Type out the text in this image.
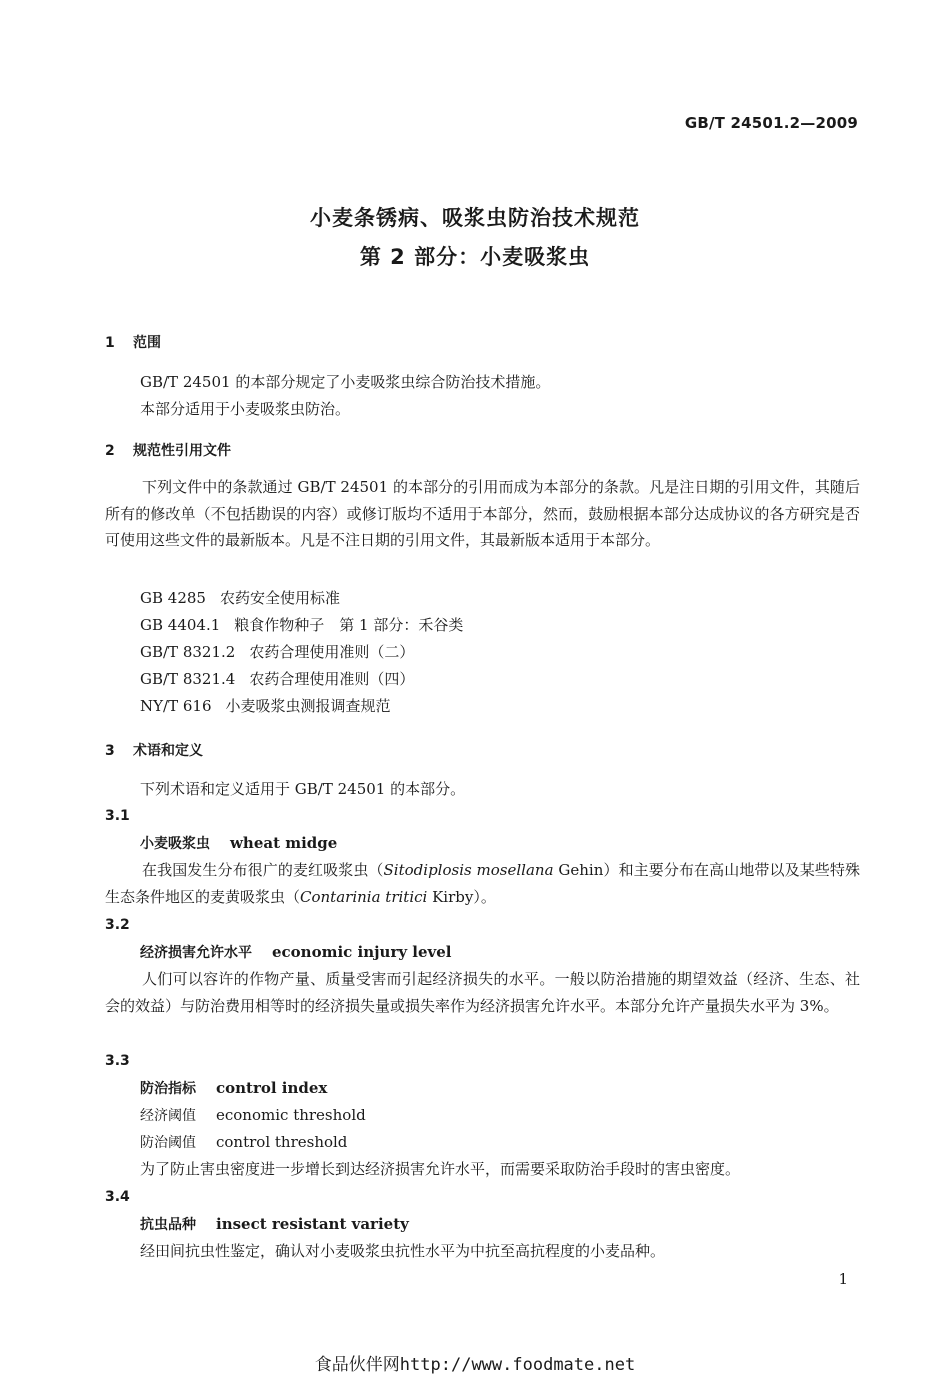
GB/T 24501.2—2009
小麦条锈病、吸浆虫防治技术规范
第 2 部分：小麦吸浆虫
1 范围
GB/T 24501 的本部分规定了小麦吸浆虫综合防治技术措施。
本部分适用于小麦吸浆虫防治。
2 规范性引用文件
下列文件中的条款通过 GB/T 24501 的本部分的引用而成为本部分的条款。凡是注日期的引用文件，其随后所有的修改单（不包括勘误的内容）或修订版均不适用于本部分，然而，鼓励根据本部分达成协议的各方研究是否可使用这些文件的最新版本。凡是不注日期的引用文件，其最新版本适用于本部分。
GB 4285 农药安全使用标准
GB 4404.1 粮食作物种子　第 1 部分：禾谷类
GB/T 8321.2 农药合理使用准则（二）
GB/T 8321.4 农药合理使用准则（四）
NY/T 616 小麦吸浆虫测报调查规范
3 术语和定义
下列术语和定义适用于 GB/T 24501 的本部分。
3.1
小麦吸浆虫 wheat midge
在我国发生分布很广的麦红吸浆虫（Sitodiplosis mosellana Gehin）和主要分布在高山地带以及某些特殊生态条件地区的麦黄吸浆虫（Contarinia tritici Kirby）。
3.2
经济损害允许水平 economic injury level
人们可以容许的作物产量、质量受害而引起经济损失的水平。一般以防治措施的期望效益（经济、生态、社会的效益）与防治费用相等时的经济损失量或损失率作为经济损害允许水平。本部分允许产量损失水平为 3%。
3.3
防治指标 control index
经济阈值 economic threshold
防治阈值 control threshold
为了防止害虫密度进一步增长到达经济损害允许水平，而需要采取防治手段时的害虫密度。
3.4
抗虫品种 insect resistant variety
经田间抗虫性鉴定，确认对小麦吸浆虫抗性水平为中抗至高抗程度的小麦品种。
1
食品伙伴网http://www.foodmate.net
